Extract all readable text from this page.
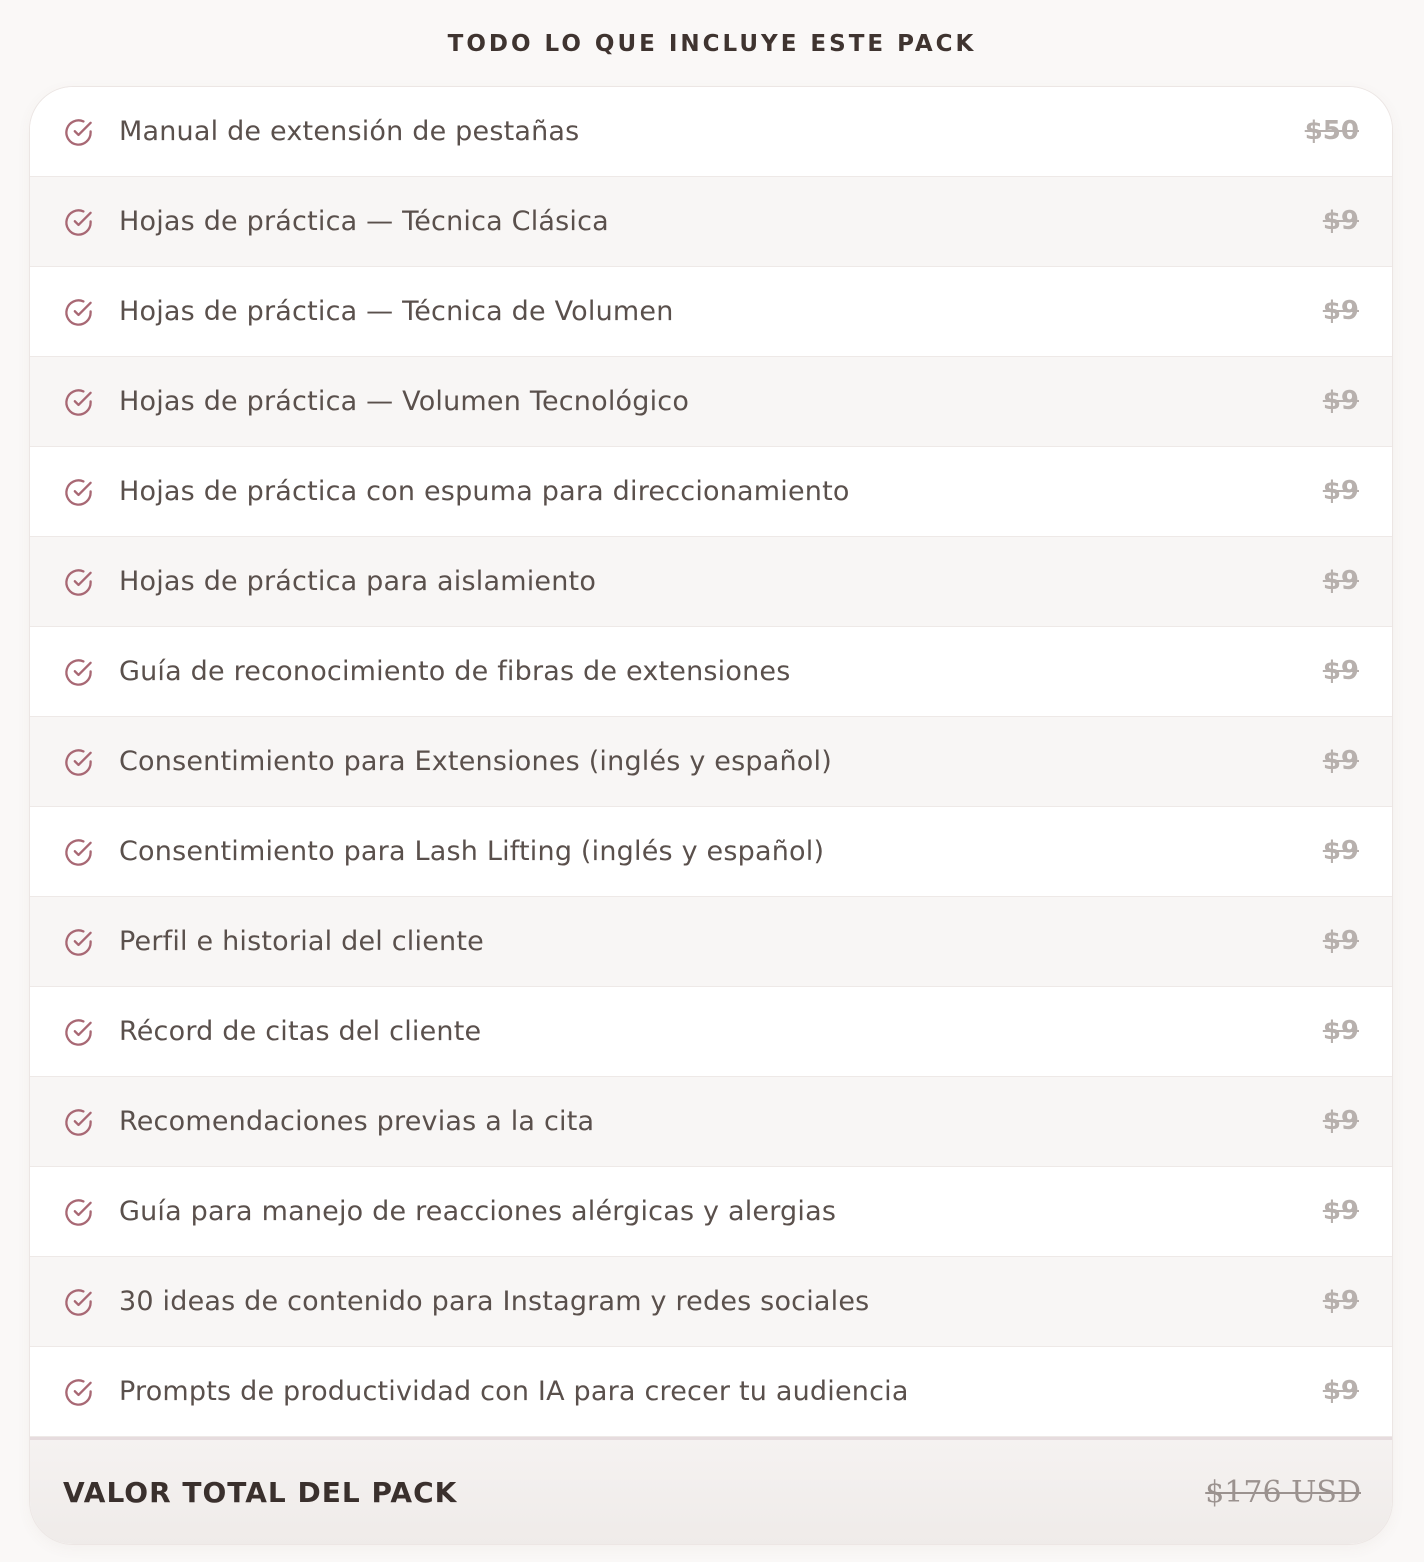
TODO LO QUE INCLUYE ESTE PACK
Manual de extensión de pestañas	$50
Hojas de práctica — Técnica Clásica	$9
Hojas de práctica — Técnica de Volumen	$9
Hojas de práctica — Volumen Tecnológico	$9
Hojas de práctica con espuma para direccionamiento	$9
Hojas de práctica para aislamiento	$9
Guía de reconocimiento de fibras de extensiones	$9
Consentimiento para Extensiones (inglés y español)	$9
Consentimiento para Lash Lifting (inglés y español)	$9
Perfil e historial del cliente	$9
Récord de citas del cliente	$9
Recomendaciones previas a la cita	$9
Guía para manejo de reacciones alérgicas y alergias	$9
30 ideas de contenido para Instagram y redes sociales	$9
Prompts de productividad con IA para crecer tu audiencia	$9
VALOR TOTAL DEL PACK	$176 USD
